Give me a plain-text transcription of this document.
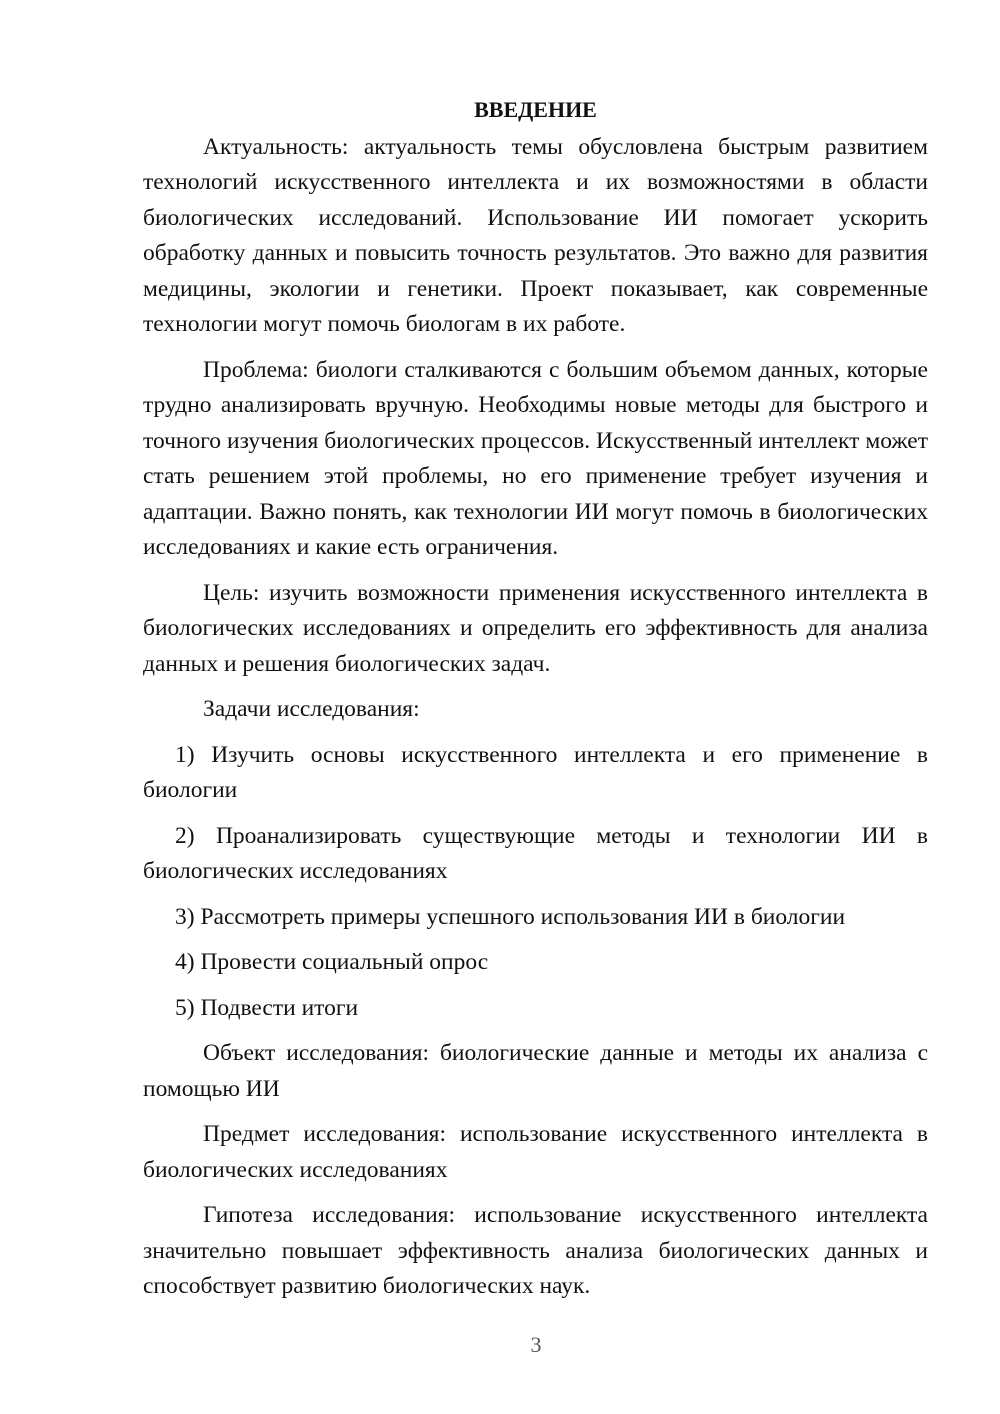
ВВЕДЕНИЕ

Актуальность: актуальность темы обусловлена быстрым развитием технологий искусственного интеллекта и их возможностями в области биологических исследований. Использование ИИ помогает ускорить обработку данных и повысить точность результатов. Это важно для развития медицины, экологии и генетики. Проект показывает, как современные технологии могут помочь биологам в их работе.

Проблема: биологи сталкиваются с большим объемом данных, которые трудно анализировать вручную. Необходимы новые методы для быстрого и точного изучения биологических процессов. Искусственный интеллект может стать решением этой проблемы, но его применение требует изучения и адаптации. Важно понять, как технологии ИИ могут помочь в биологических исследованиях и какие есть ограничения.

Цель: изучить возможности применения искусственного интеллекта в биологических исследованиях и определить его эффективность для анализа данных и решения биологических задач.

Задачи исследования:

1) Изучить основы искусственного интеллекта и его применение в биологии

2) Проанализировать существующие методы и технологии ИИ в биологических исследованиях

3) Рассмотреть примеры успешного использования ИИ в биологии

4) Провести социальный опрос

5) Подвести итоги

Объект исследования: биологические данные и методы их анализа с помощью ИИ

Предмет исследования: использование искусственного интеллекта в биологических исследованиях

Гипотеза исследования: использование искусственного интеллекта значительно повышает эффективность анализа биологических данных и способствует развитию биологических наук.

3
